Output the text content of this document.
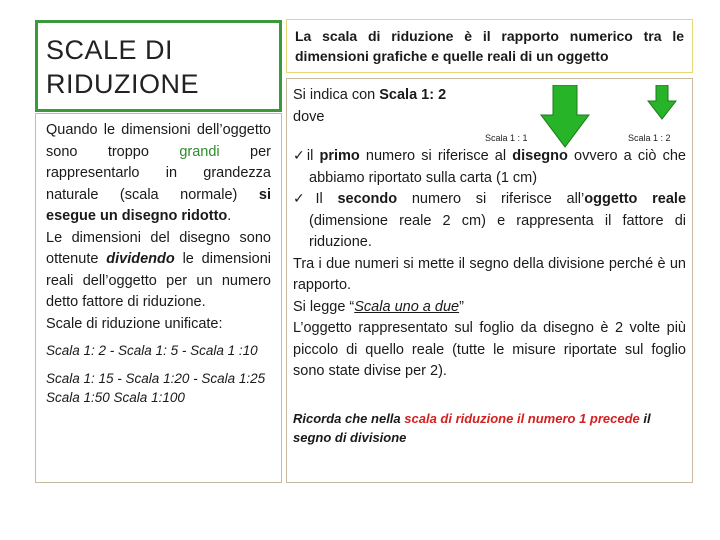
SCALE DI
RIDUZIONE

Quando le dimensioni dell’oggetto sono troppo grandi per rappresentarlo in grandezza naturale (scala normale) si esegue un disegno ridotto.

Le dimensioni del disegno sono ottenute dividendo le dimensioni reali dell’oggetto per un numero detto fattore di riduzione.

Scale di riduzione unificate:

Scala 1: 2 - Scala 1: 5 - Scala 1 :10

Scala 1: 15 - Scala 1:20 - Scala 1:25

Scala 1:50 Scala 1:100

La scala di riduzione è il rapporto numerico tra le dimensioni grafiche e quelle reali di un oggetto

Scala 1 : 1	Scala 1 : 2

Si indica con Scala 1: 2

dove

✓il primo numero si riferisce al disegno ovvero a ciò che abbiamo riportato sulla carta (1 cm)

✓Il secondo numero si riferisce all’oggetto reale (dimensione reale 2 cm) e rappresenta il fattore di riduzione.

Tra i due numeri si mette il segno della divisione perché è un rapporto.

Si legge “Scala uno a due”

L’oggetto rappresentato sul foglio da disegno è 2 volte più piccolo di quello reale (tutte le misure riportate sul foglio sono state divise per 2).

Ricorda che nella scala di riduzione il numero 1 precede il segno di divisione
